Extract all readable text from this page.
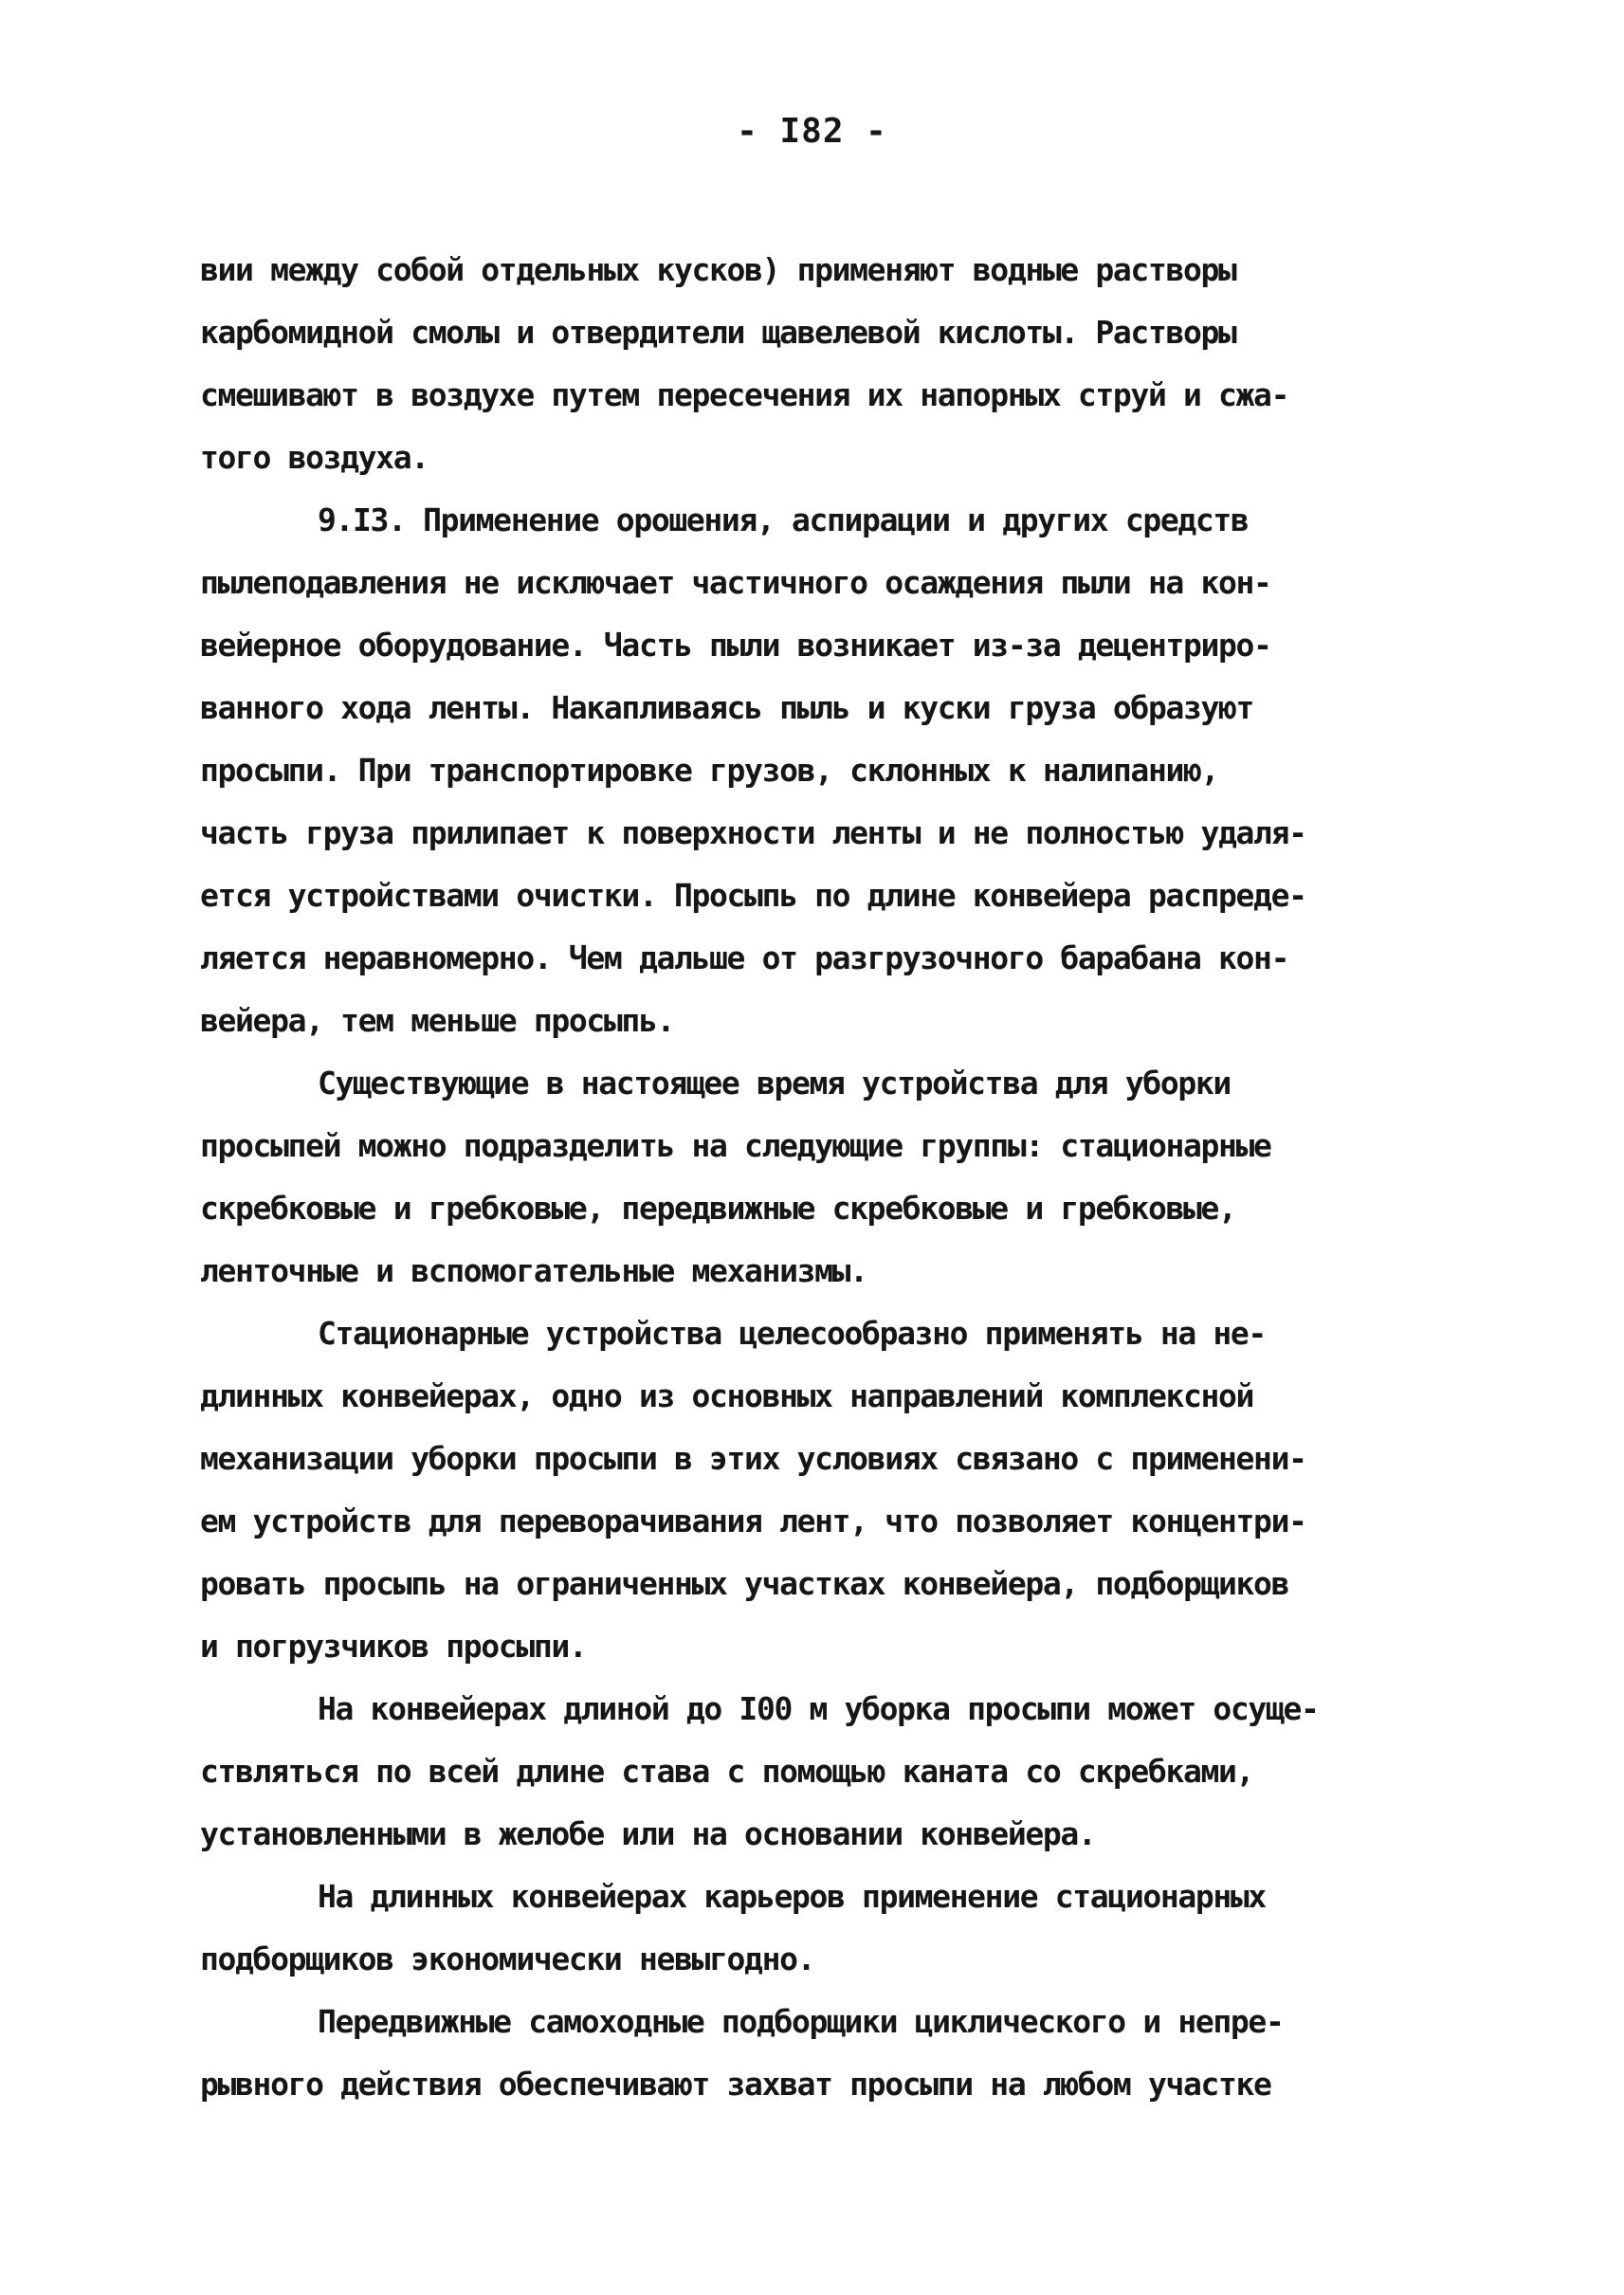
- I82 -
вии между собой отдельных кусков) применяют водные растворы
карбомидной смолы и отвердители щавелевой кислоты. Растворы
смешивают в воздухе путем пересечения их напорных струй и сжа-
того воздуха.
9.I3. Применение орошения, аспирации и других средств
пылеподавления не исключает частичного осаждения пыли на кон-
вейерное оборудование. Часть пыли возникает из-за децентриро-
ванного хода ленты. Накапливаясь пыль и куски груза образуют
просыпи. При транспортировке грузов, склонных к налипанию,
часть груза прилипает к поверхности ленты и не полностью удаля-
ется устройствами очистки. Просыпь по длине конвейера распреде-
ляется неравномерно. Чем дальше от разгрузочного барабана кон-
вейера, тем меньше просыпь.
Существующие в настоящее время устройства для уборки
просыпей можно подразделить на следующие группы: стационарные
скребковые и гребковые, передвижные скребковые и гребковые,
ленточные и вспомогательные механизмы.
Стационарные устройства целесообразно применять на не-
длинных конвейерах, одно из основных направлений комплексной
механизации уборки просыпи в этих условиях связано с применени-
ем устройств для переворачивания лент, что позволяет концентри-
ровать просыпь на ограниченных участках конвейера, подборщиков
и погрузчиков просыпи.
На конвейерах длиной до I00 м уборка просыпи может осуще-
ствляться по всей длине става с помощью каната со скребками,
установленными в желобе или на основании конвейера.
На длинных конвейерах карьеров применение стационарных
подборщиков экономически невыгодно.
Передвижные самоходные подборщики циклического и непре-
рывного действия обеспечивают захват просыпи на любом участке
